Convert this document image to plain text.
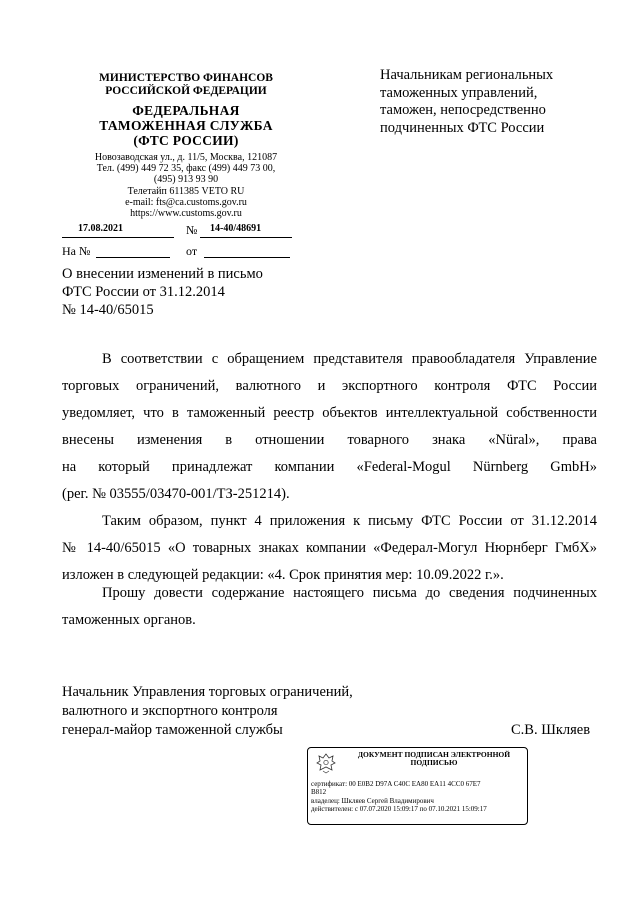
МИНИСТЕРСТВО ФИНАНСОВ
РОССИЙСКОЙ ФЕДЕРАЦИИ
ФЕДЕРАЛЬНАЯ
ТАМОЖЕННАЯ СЛУЖБА
(ФТС РОССИИ)
Новозаводская ул., д. 11/5, Москва, 121087
Тел. (499) 449 72 35, факс (499) 449 73 00,
(495) 913 93 90
Телетайп 611385 VETO RU
e-mail: fts@ca.customs.gov.ru
https://www.customs.gov.ru
17.08.2021	№ 14-40/48691
На №	от
Начальникам региональных
таможенных управлений,
таможен, непосредственно
подчиненных ФТС России
О внесении изменений в письмо
ФТС России от 31.12.2014
№ 14-40/65015

В соответствии с обращением представителя правообладателя Управление

торговых ограничений, валютного и экспортного контроля ФТС России

уведомляет, что в таможенный реестр объектов интеллектуальной собственности

внесены изменения в отношении товарного знака «Nüral», права

на который принадлежат компании «Federal-Mogul Nürnberg GmbH»

(рег. № 03555/03470-001/ТЗ-251214).

Таким образом, пункт 4 приложения к письму ФТС России от 31.12.2014

№ 14-40/65015 «О товарных знаках компании «Федерал-Могул Нюрнберг ГмбХ»

изложен в следующей редакции: «4. Срок принятия мер: 10.09.2022 г.».

Прошу довести содержание настоящего письма до сведения подчиненных

таможенных органов.

Начальник Управления торговых ограничений,
валютного и экспортного контроля
генерал-майор таможенной службы	С.В. Шкляев
ДОКУМЕНТ ПОДПИСАН ЭЛЕКТРОННОЙ
ПОДПИСЬЮ
сертификат: 00 E0B2 D97A C40C EA80 EA11 4CC0 67E7
B812
владелец: Шкляев Сергей Владимирович
действителен: с 07.07.2020 15:09:17 по 07.10.2021 15:09:17
